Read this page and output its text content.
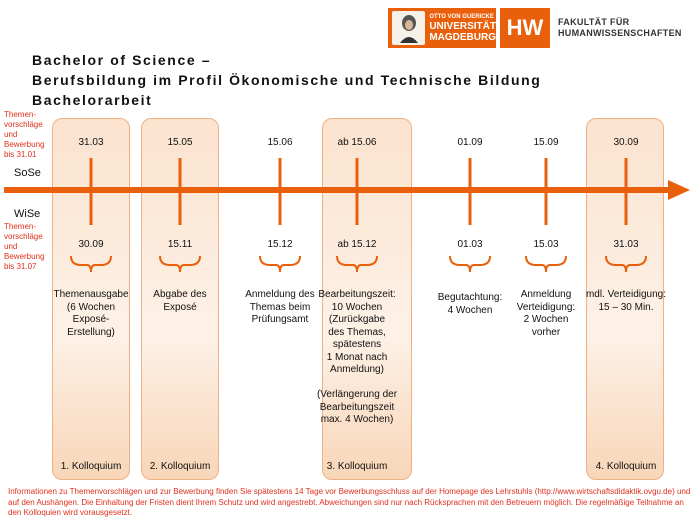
OTTO VON GUERICKE
UNIVERSITÄT
MAGDEBURG HW	FAKULTÄT FÜR
HUMANWISSENSCHAFTEN
Bachelor of Science –
Berufsbildung im Profil Ökonomische und Technische Bildung
Bachelorarbeit
Themen-
vorschläge
und
Bewerbung
bis 31.01
SoSe
WiSe
Themen-
vorschläge
und
Bewerbung
bis 31.07
31.03
30.09
Themenausgabe
(6 Wochen
Exposé-
Erstellung)
1. Kolloquium
15.05
15.11
Abgabe des
Exposé
2. Kolloquium
15.06
15.12
Anmeldung des
Themas beim
Prüfungsamt
ab 15.06
ab 15.12
Bearbeitungszeit:
10 Wochen
(Zurückgabe
des Themas,
spätestens
1 Monat nach
Anmeldung)

(Verlängerung der
Bearbeitungszeit
max. 4 Wochen)
3. Kolloquium
01.09
01.03
Begutachtung:
4 Wochen
15.09
15.03
Anmeldung
Verteidigung:
2 Wochen
vorher
30.09
31.03
mdl. Verteidigung:
15 – 30 Min.
4. Kolloquium
Informationen zu Themenvorschlägen und zur Bewerbung finden Sie spätestens 14 Tage vor Bewerbungsschluss auf der Homepage des Lehrstuhls (http://www.wirtschaftsdidaktik.ovgu.de) und auf den Aushängen. Die Einhaltung der Fristen dient Ihrem Schutz und wird angestrebt. Abweichungen sind nur nach Rücksprachen mit den Betreuern möglich. Die regelmäßige Teilnahme an den Kolloquien wird vorausgesetzt.
